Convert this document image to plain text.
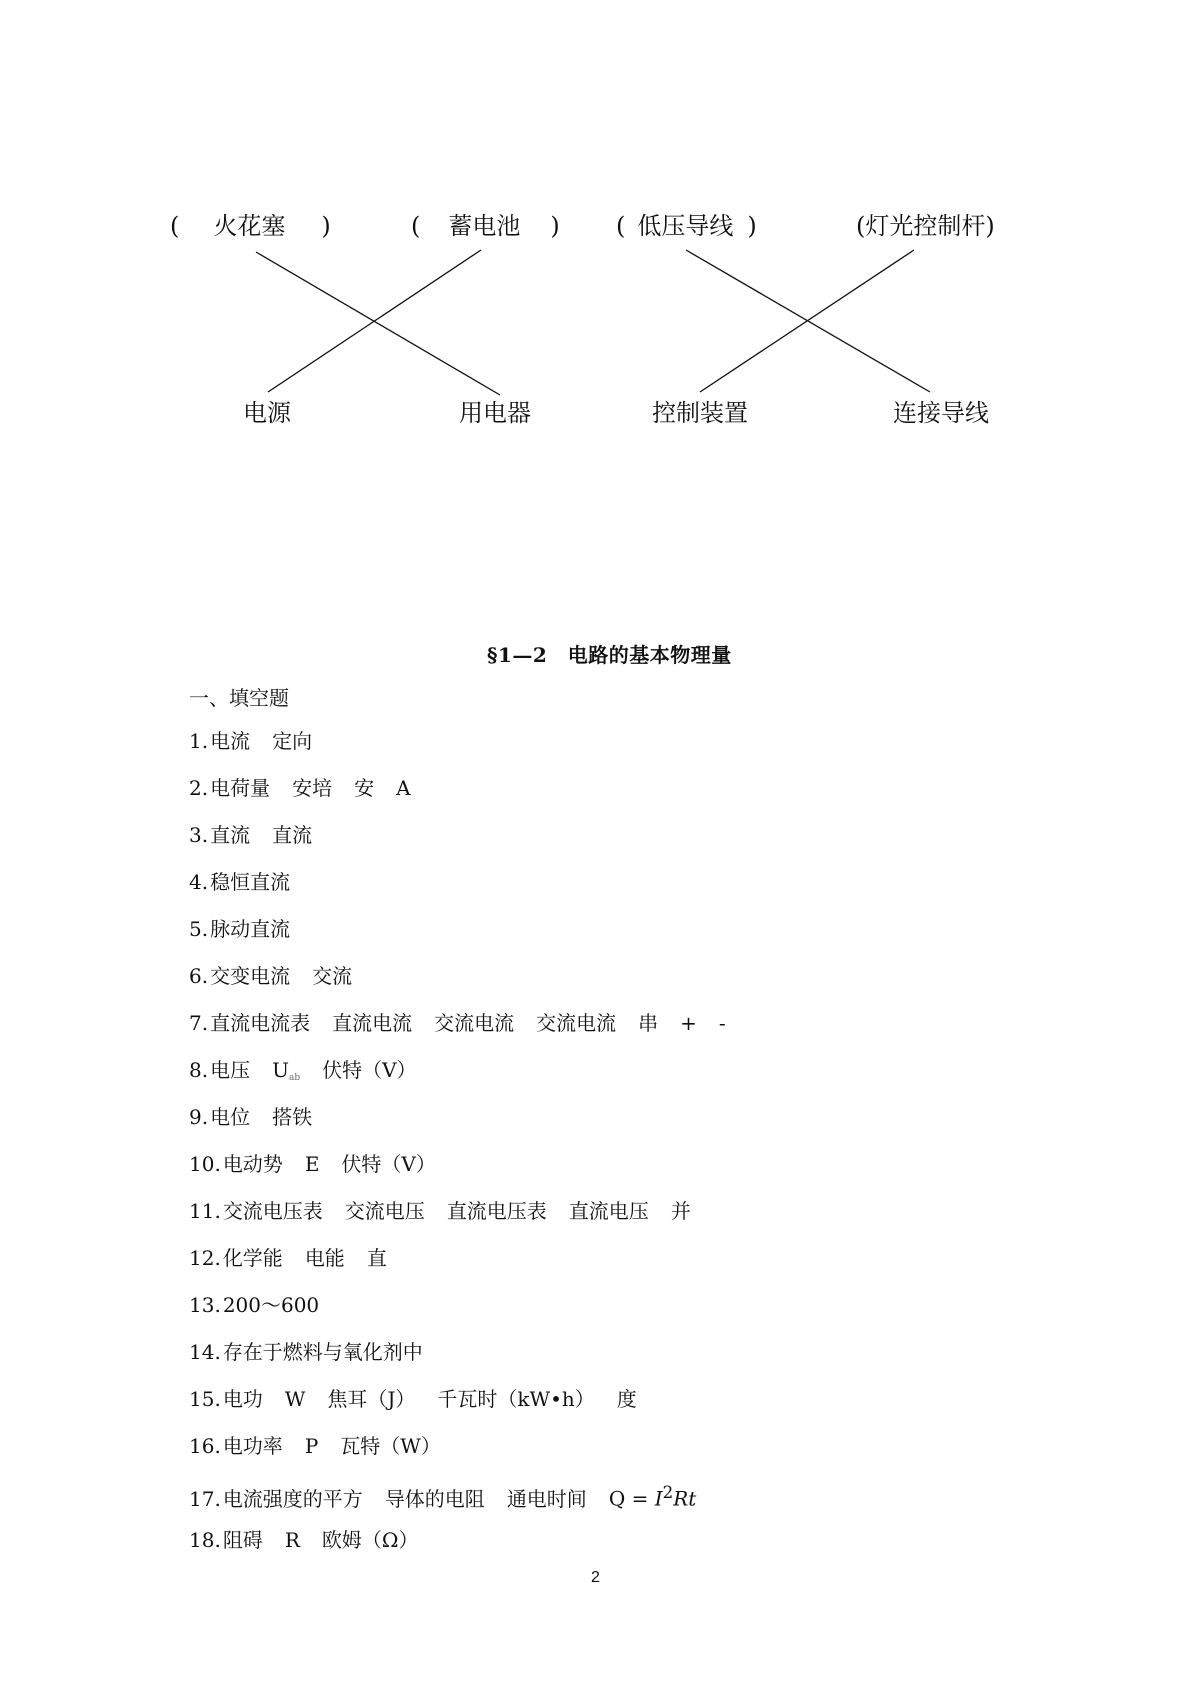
( 火花塞 )	( 蓄电池 ) ( 低压导线 )	(灯光控制杆)
电源	用电器	控制装置	连接导线
§1—2　电路的基本物理量
一、填空题
1. 电流 定向
2. 电荷量 安培 安 A
3. 直流 直流
4. 稳恒直流
5. 脉动直流
6. 交变电流 交流
7. 直流电流表 直流电流 交流电流 交流电流 串 + -
8. 电压 $U_{ab}$ 伏特（V）
9. 电位 搭铁
10. 电动势 E 伏特（V）
11. 交流电压表 交流电压 直流电压表 直流电压 并
12. 化学能 电能 直
13. 200～600
14. 存在于燃料与氧化剂中
15. 电功 W 焦耳（J） 千瓦时（kW•h） 度
16. 电功率 P 瓦特（W）
17. 电流强度的平方 导体的电阻 通电时间 $Q = I^2Rt$
18. 阻碍 R 欧姆（Ω）
2
